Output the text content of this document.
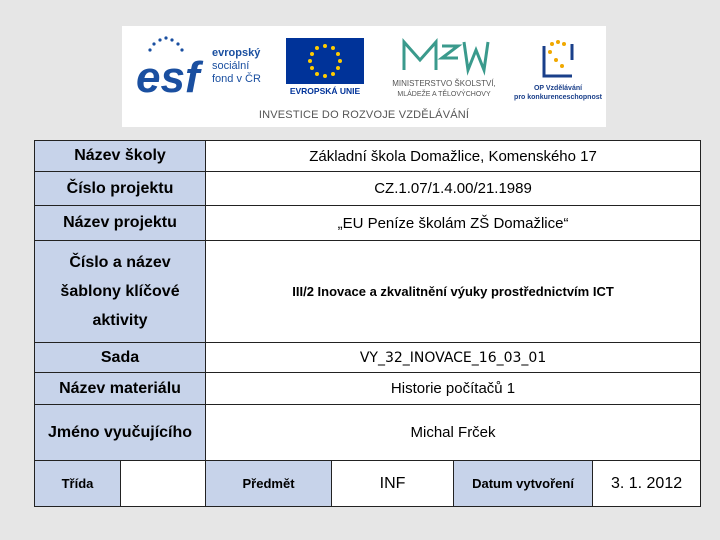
esf	evropský
sociální
fond v ČR
EVROPSKÁ UNIE
MINISTERSTVO ŠKOLSTVÍ,
MLÁDEŽE A TĚLOVÝCHOVY
OP Vzdělávání
pro konkurenceschopnost
INVESTICE DO ROZVOJE VZDĚLÁVÁNÍ
Název školy		Základní škola Domažlice, Komenského 17			
Číslo projektu		CZ.1.07/1.4.00/21.1989			
Název projektu		„EU Peníze školám ZŠ Domažlice“			
Číslo a název šablony klíčové aktivity		III/2 Inovace a zkvalitnění výuky prostřednictvím ICT			
Sada		VY_32_INOVACE_16_03_01			
Název materiálu		Historie počítačů 1			
Jméno vyučujícího		Michal Frček			
Třída		Předmět	INF	Datum vytvoření	3. 1. 2012
